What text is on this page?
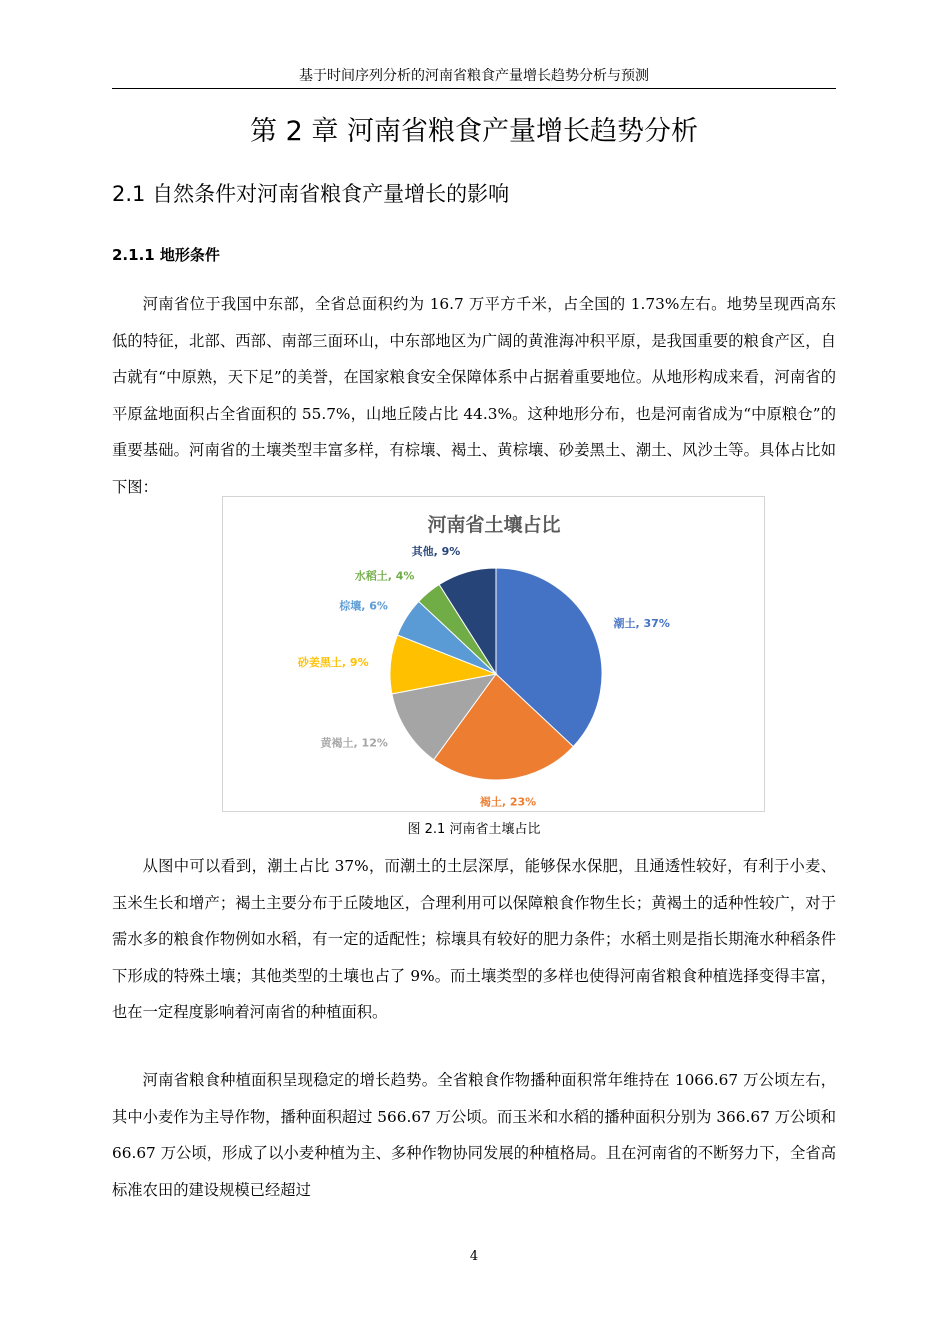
基于时间序列分析的河南省粮食产量增长趋势分析与预测
第 2 章 河南省粮食产量增长趋势分析
2.1 自然条件对河南省粮食产量增长的影响
2.1.1 地形条件

河南省位于我国中东部，全省总面积约为 16.7 万平方千米，占全国的 1.73%左右。地势呈现西高东低的特征，北部、西部、南部三面环山，中东部地区为广阔的黄淮海冲积平原，是我国重要的粮食产区，自古就有“中原熟，天下足”的美誉，在国家粮食安全保障体系中占据着重要地位。从地形构成来看，河南省的平原盆地面积占全省面积的 55.7%，山地丘陵占比 44.3%。这种地形分布，也是河南省成为“中原粮仓”的重要基础。河南省的土壤类型丰富多样，有棕壤、褐土、黄棕壤、砂姜黑土、潮土、风沙土等。具体占比如下图：

河南省土壤占比
潮土, 37%
褐土, 23%
黄褐土, 12%
砂姜黑土, 9%
棕壤, 6%
水稻土, 4%
其他, 9%
图 2.1 河南省土壤占比

从图中可以看到，潮土占比 37%，而潮土的土层深厚，能够保水保肥，且通透性较好，有利于小麦、玉米生长和增产；褐土主要分布于丘陵地区，合理利用可以保障粮食作物生长；黄褐土的适种性较广，对于需水多的粮食作物例如水稻，有一定的适配性；棕壤具有较好的肥力条件；水稻土则是指长期淹水种稻条件下形成的特殊土壤；其他类型的土壤也占了 9%。而土壤类型的多样也使得河南省粮食种植选择变得丰富，也在一定程度影响着河南省的种植面积。

河南省粮食种植面积呈现稳定的增长趋势。全省粮食作物播种面积常年维持在 1066.67 万公顷左右，其中小麦作为主导作物，播种面积超过 566.67 万公顷。而玉米和水稻的播种面积分别为 366.67 万公顷和 66.67 万公顷，形成了以小麦种植为主、多种作物协同发展的种植格局。且在河南省的不断努力下，全省高标准农田的建设规模已经超过

4
